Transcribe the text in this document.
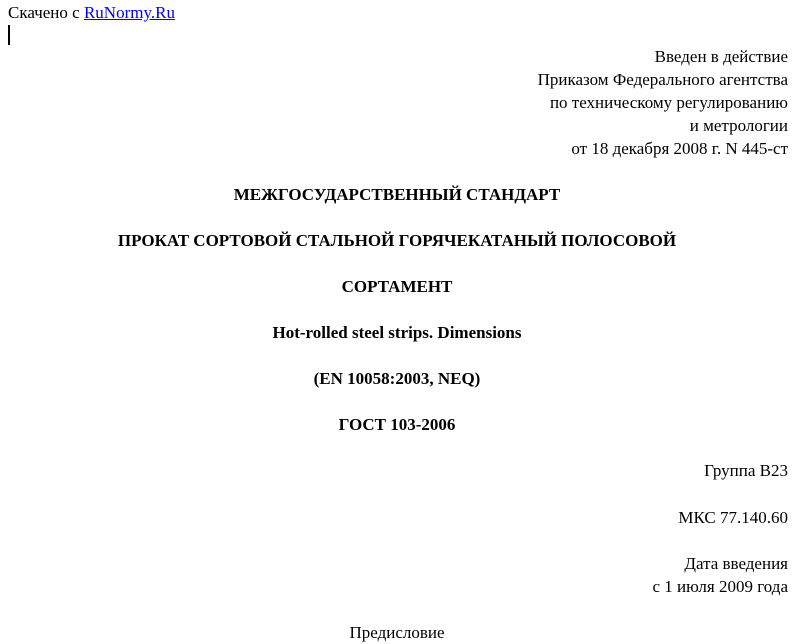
Скачено с RuNormy.Ru
Введен в действие
Приказом Федерального агентства
по техническому регулированию
и метрологии
от 18 декабря 2008 г. N 445-ст
МЕЖГОСУДАРСТВЕННЫЙ СТАНДАРТ
ПРОКАТ СОРТОВОЙ СТАЛЬНОЙ ГОРЯЧЕКАТАНЫЙ ПОЛОСОВОЙ
СОРТАМЕНТ
Hot-rolled steel strips. Dimensions
(EN 10058:2003, NEQ)
ГОСТ 103-2006
Группа В23
МКС 77.140.60
Дата введения
с 1 июля 2009 года
Предисловие
